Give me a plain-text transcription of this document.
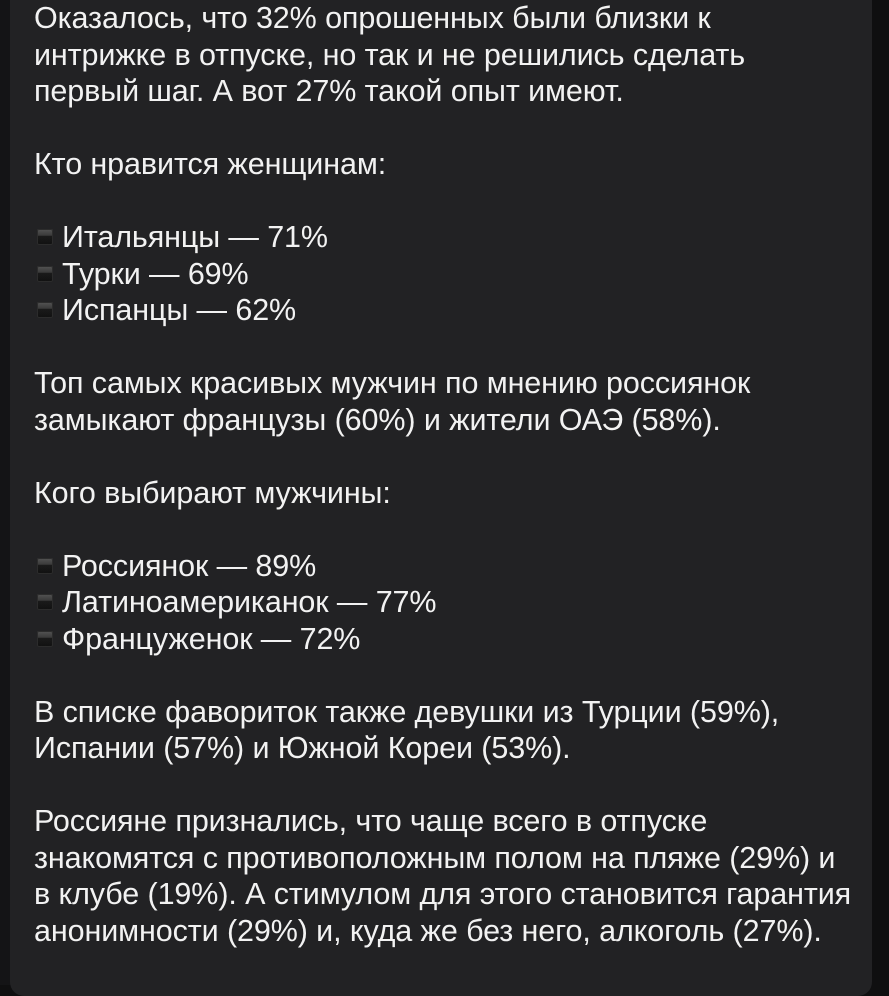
Оказалось, что 32% опрошенных были близки к
интрижке в отпуске, но так и не решились сделать
первый шаг. А вот 27% такой опыт имеют.

Кто нравится женщинам:

Итальянцы — 71%
Турки — 69%
Испанцы — 62%

Топ самых красивых мужчин по мнению россиянок
замыкают французы (60%) и жители ОАЭ (58%).

Кого выбирают мужчины:

Россиянок — 89%
Латиноамериканок — 77%
Француженок — 72%

В списке фавориток также девушки из Турции (59%),
Испании (57%) и Южной Кореи (53%).

Россияне признались, что чаще всего в отпуске
знакомятся с противоположным полом на пляже (29%) и
в клубе (19%). А стимулом для этого становится гарантия
анонимности (29%) и, куда же без него, алкоголь (27%).
